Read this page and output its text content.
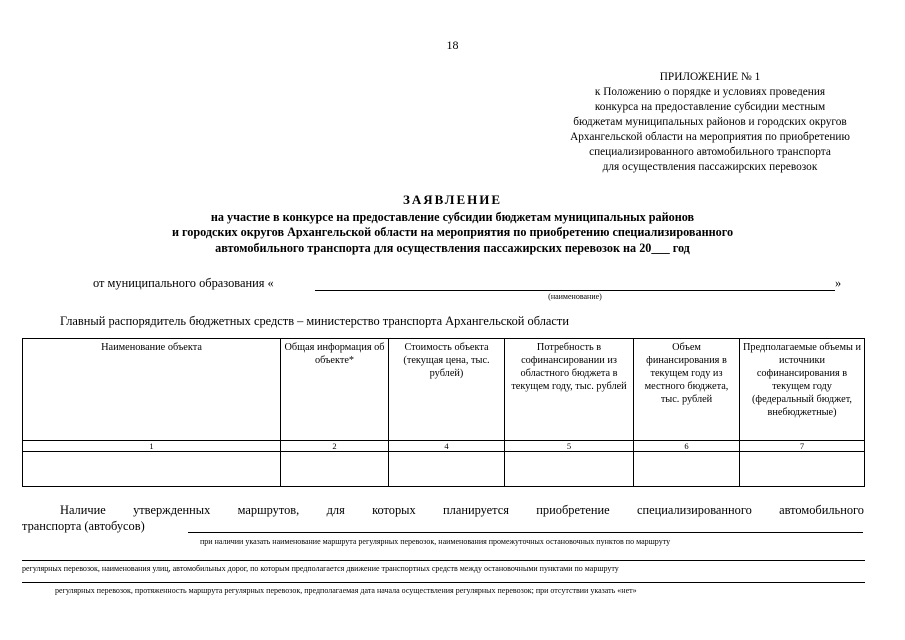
18
ПРИЛОЖЕНИЕ № 1
к Положению о порядке и условиях проведения
конкурса на предоставление субсидии местным
бюджетам муниципальных районов и городских округов
Архангельской области на мероприятия по приобретению
специализированного автомобильного транспорта
для осуществления пассажирских перевозок
ЗАЯВЛЕНИЕ
на участие в конкурсе на предоставление субсидии бюджетам муниципальных районов
и городских округов Архангельской области на мероприятия по приобретению специализированного
автомобильного транспорта для осуществления пассажирских перевозок на 20___ год
от муниципального образования «	»
(наименование)
Главный распорядитель бюджетных средств – министерство транспорта Архангельской области
Наименование объекта	Общая информация об объекте*	Стоимость объекта (текущая цена, тыс. рублей)	Потребность в софинансировании из областного бюджета в текущем году, тыс. рублей	Объем финансирования в текущем году из местного бюджета, тыс. рублей	Предполагаемые объемы и источники софинансирования в текущем году (федеральный бюджет, внебюджетные)
1	2	4	5	6	7

Наличие утвержденных маршрутов, для которых планируется приобретение специализированного автомобильного
транспорта (автобусов)
при наличии указать наименование маршрута регулярных перевозок, наименования промежуточных остановочных пунктов по маршруту
регулярных перевозок, наименования улиц, автомобильных дорог, по которым предполагается движение транспортных средств между остановочными пунктами по маршруту
регулярных перевозок, протяженность маршрута регулярных перевозок, предполагаемая дата начала осуществления регулярных перевозок; при отсутствии указать «нет»
